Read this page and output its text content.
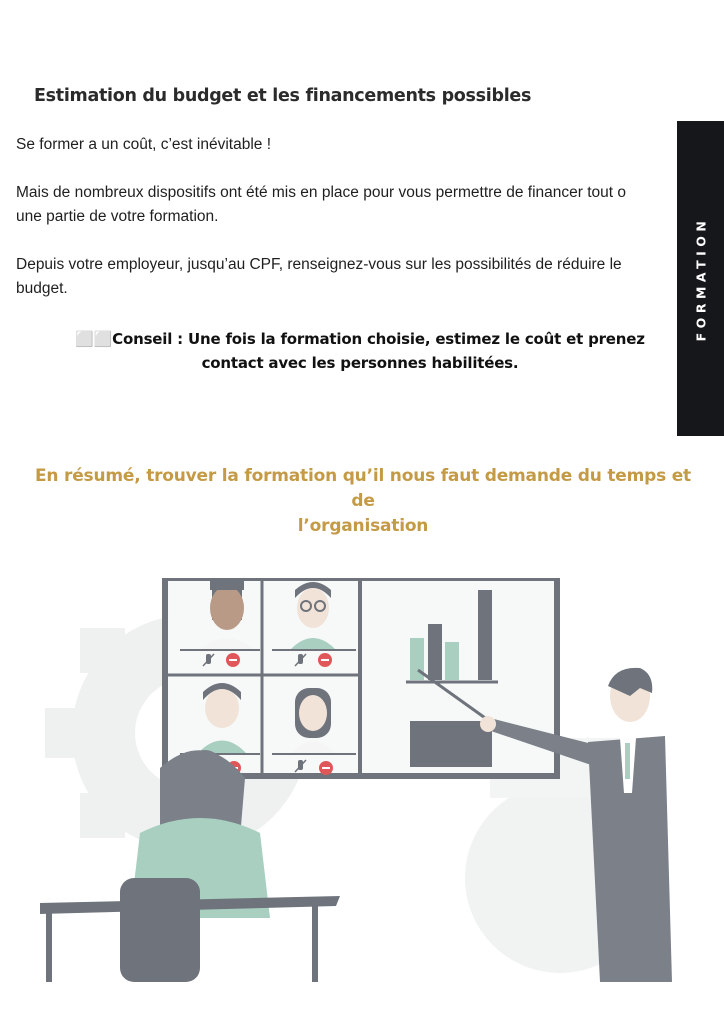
Estimation du budget et les financements possibles

Se former a un coût, c’est inévitable !

Mais de nombreux dispositifs ont été mis en place pour vous permettre de financer tout o
une partie de votre formation.

Depuis votre employeur, jusqu’au CPF, renseignez-vous sur les possibilités de réduire le
budget.

⬜⬜Conseil : Une fois la formation choisie, estimez le coût et prenez
contact avec les personnes habilitées.

En résumé, trouver la formation qu’il nous faut demande du temps et de
l’organisation

FORMATION
